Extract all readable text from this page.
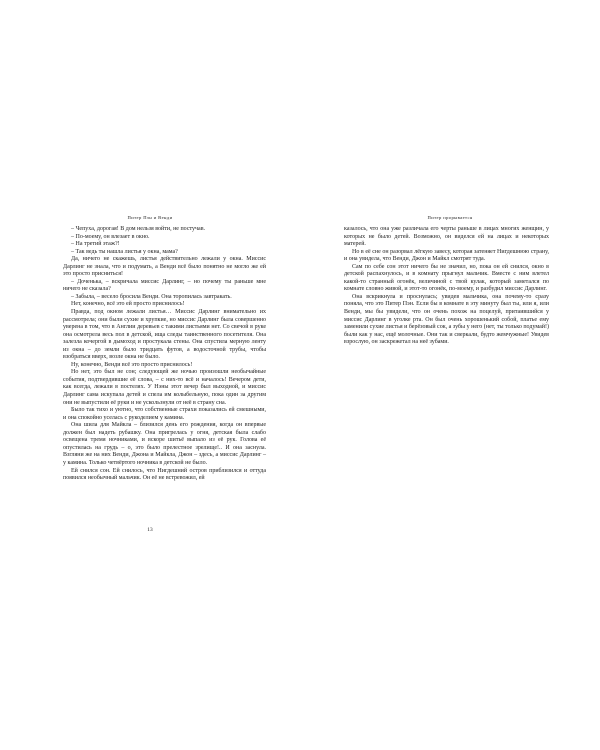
Питер Пэн и Венди

– Чепуха, дорогая! В дом нельзя войти, не постучав.

– По-моему, он влезает в окно.

– На третий этаж?!

– Так ведь ты нашла листья у окна, мама?

Да, ничего не скажешь, листья действительно лежали у окна. Миссис Дарлинг не знала, что и подумать, а Венди всё было понятно не могло же ей это просто присниться!

– Доченька, – вскричала миссис Дарлинг, – но почему ты раньше мне ничего не сказала?

– Забыла, – весело бросила Венди. Она торопилась завтракать.

Нет, конечно, всё это ей просто приснилось!

Правда, под окном лежали листья… Миссис Дарлинг внимательно их рассмотрела; они были сухие и хрупкие, но миссис Дарлинг была совершенно уверена в том, что в Англии деревьев с такими листьями нет. Со свечой в руке она осмотрела весь пол в детской, ища следы таинственного посетителя. Она залезла кочергой в дымоход и простукала стены. Она спустила мерную ленту из окна – до земли было тридцать футов, а водосточной трубы, чтобы взобраться вверх, возле окна не было.

Ну, конечно, Венди всё это просто приснилось!

Но нет, это был не сон; следующей же ночью произошли необычайные события, подтвердившие её слова, – с них-то всё и началось! Вечером дети, как всегда, лежали в постелях. У Нэны этот вечер был выходной, и миссис Дарлинг сама искупала детей и спела им колыбельную, пока один за другим они не выпустили её руки и не ускользнули от неё в страну сна.

Было так тихо и уютно, что собственные страхи показались ей смешными, и она спокойно уселась с рукоделием у камина.

Она шила для Майкла – близился день его рождения, когда он впервые должен был надеть рубашку. Она пригрелась у огня, детская была слабо освещена тремя ночниками, и вскоре шитьё выпало из её рук. Голова её опустилась на грудь – о, это было прелестное зрелище!.. И она заснула. Взгляни же на них Венди, Джона и Майкла, Джон – здесь, а миссис Дарлинг – у камина. Только четвёртого ночника в детской не было.

Ей снился сон. Ей снилось, что Нигдешний остров приблизился и оттуда появился необычный мальчик. Он её не встревожил, ей

13
Питер прорывается

казалось, что она уже различала его черты раньше в лицах многих женщин, у которых не было детей. Возможно, он виделся ей на лицах и некоторых матерей.

Но в её сне он разорвал лёгкую завесу, которая затеняет Нигдешнюю страну, и она увидела, что Венди, Джон и Майкл смотрят туда.

Сам по себе сон этот ничего бы не значил, но, пока он ей снился, окно в детской распахнулось, и в комнату прыгнул мальчик. Вместе с ним влетел какой-то странный огонёк, величиной с твой кулак, который заметался по комнате словно живой, и этот-то огонёк, по-моему, и разбудил миссис Дарлинг.

Она вскрикнула и проснулась; увидев мальчика, она почему-то сразу поняла, что это Питер Пэн. Если бы в комнате в эту минуту был ты, или я, или Венди, мы бы увидели, что он очень похож на поцелуй, притаившийся у миссис Дарлинг в уголке рта. Он был очень хорошенький собой, платье ему заменили сухие листья и берёзовый сок, а зубы у него (нет, ты только подумай!) были как у нас, ещё молочные. Они так и сверкали, будто жемчужные! Увидев взрослую, он заскрежетал на неё зубами.
